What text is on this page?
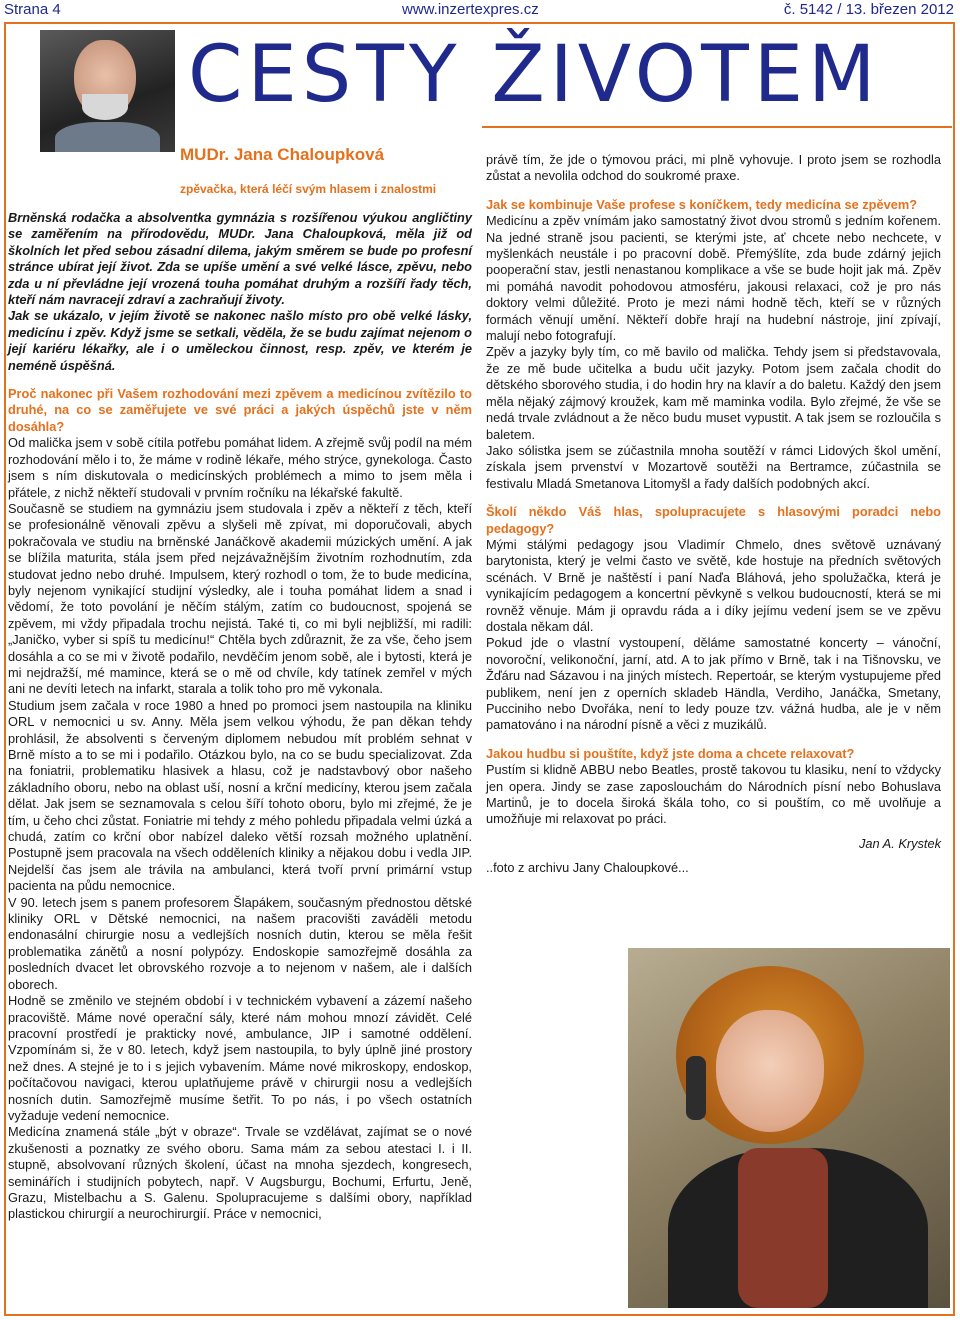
Strana 4	www.inzertexpres.cz	č. 5142 / 13. březen 2012
CESTY ŽIVOTEM
MUDr. Jana Chaloupková
zpěvačka, která léčí svým hlasem i znalostmi

Brněnská rodačka a absolventka gymnázia s rozšířenou výukou angličtiny se zaměřením na přírodovědu, MUDr. Jana Chaloupková, měla již od školních let před sebou zásadní dilema, jakým směrem se bude po profesní stránce ubírat její život. Zda se upíše umění a své velké lásce, zpěvu, nebo zda u ní převládne její vrozená touha pomáhat druhým a rozšíří řady těch, kteří nám navracejí zdraví a zachraňují životy.

Jak se ukázalo, v jejím životě se nakonec našlo místo pro obě velké lásky, medicínu i zpěv. Když jsme se setkali, věděla, že se budu zajímat nejenom o její kariéru lékařky, ale i o uměleckou činnost, resp. zpěv, ve kterém je neméně úspěšná.

Proč nakonec při Vašem rozhodování mezi zpěvem a medicínou zvítězilo to druhé, na co se zaměřujete ve své práci a jakých úspěchů jste v něm dosáhla?

Od malička jsem v sobě cítila potřebu pomáhat lidem. A zřejmě svůj podíl na mém rozhodování mělo i to, že máme v rodině lékaře, mého strýce, gynekologa. Často jsem s ním diskutovala o medicínských problémech a mimo to jsem měla i přátele, z nichž někteří studovali v prvním ročníku na lékařské fakultě.

Současně se studiem na gymnáziu jsem studovala i zpěv a někteří z těch, kteří se profesionálně věnovali zpěvu a slyšeli mě zpívat, mi doporučovali, abych pokračovala ve studiu na brněnské Janáčkově akademii múzických umění. A jak se blížila maturita, stála jsem před nejzávažnějším životním rozhodnutím, zda studovat jedno nebo druhé. Impulsem, který rozhodl o tom, že to bude medicína, byly nejenom vynikající studijní výsledky, ale i touha pomáhat lidem a snad i vědomí, že toto povolání je něčím stálým, zatím co budoucnost, spojená se zpěvem, mi vždy připadala trochu nejistá. Také ti, co mi byli nejbližší, mi radili: „Janičko, vyber si spíš tu medicínu!“ Chtěla bych zdůraznit, že za vše, čeho jsem dosáhla a co se mi v životě podařilo, nevděčím jenom sobě, ale i bytosti, která je mi nejdražší, mé mamince, která se o mě od chvíle, kdy tatínek zemřel v mých ani ne devíti letech na infarkt, starala a tolik toho pro mě vykonala.

Studium jsem začala v roce 1980 a hned po promoci jsem nastoupila na kliniku ORL v nemocnici u sv. Anny. Měla jsem velkou výhodu, že pan děkan tehdy prohlásil, že absolventi s červeným diplomem nebudou mít problém sehnat v Brně místo a to se mi i podařilo. Otázkou bylo, na co se budu specializovat. Zda na foniatrii, problematiku hlasivek a hlasu, což je nadstavbový obor našeho základního oboru, nebo na oblast uší, nosní a krční medicíny, kterou jsem začala dělat. Jak jsem se seznamovala s celou šíří tohoto oboru, bylo mi zřejmé, že je tím, u čeho chci zůstat. Foniatrie mi tehdy z mého pohledu připadala velmi úzká a chudá, zatím co krční obor nabízel daleko větší rozsah možného uplatnění. Postupně jsem pracovala na všech odděleních kliniky a nějakou dobu i vedla JIP. Nejdelší čas jsem ale trávila na ambulanci, která tvoří první primární vstup pacienta na půdu nemocnice.

V 90. letech jsem s panem profesorem Šlapákem, současným přednostou dětské kliniky ORL v Dětské nemocnici, na našem pracovišti zaváděli metodu endonasální chirurgie nosu a vedlejších nosních dutin, kterou se měla řešit problematika zánětů a nosní polypózy. Endoskopie samozřejmě dosáhla za posledních dvacet let obrovského rozvoje a to nejenom v našem, ale i dalších oborech.

Hodně se změnilo ve stejném období i v technickém vybavení a zázemí našeho pracoviště. Máme nové operační sály, které nám mohou mnozí závidět. Celé pracovní prostředí je prakticky nové, ambulance, JIP i samotné oddělení. Vzpomínám si, že v 80. letech, když jsem nastoupila, to byly úplně jiné prostory než dnes. A stejné je to i s jejich vybavením. Máme nové mikroskopy, endoskop, počítačovou navigaci, kterou uplatňujeme právě v chirurgii nosu a vedlejších nosních dutin. Samozřejmě musíme šetřit. To po nás, i po všech ostatních vyžaduje vedení nemocnice.

Medicína znamená stále „být v obraze“. Trvale se vzdělávat, zajímat se o nové zkušenosti a poznatky ze svého oboru. Sama mám za sebou atestaci I. i II. stupně, absolvovaní různých školení, účast na mnoha sjezdech, kongresech, seminářích i studijních pobytech, např. V Augsburgu, Bochumi, Erfurtu, Jeně, Grazu, Mistelbachu a S. Galenu. Spolupracujeme s dalšími obory, například plastickou chirurgií a neurochirurgií. Práce v nemocnici,

právě tím, že jde o týmovou práci, mi plně vyhovuje. I proto jsem se rozhodla zůstat a nevolila odchod do soukromé praxe.

Jak se kombinuje Vaše profese s koníčkem, tedy medicína se zpěvem?

Medicínu a zpěv vnímám jako samostatný život dvou stromů s jedním kořenem. Na jedné straně jsou pacienti, se kterými jste, ať chcete nebo nechcete, v myšlenkách neustále i po pracovní době. Přemýšlíte, zda bude zdárný jejich pooperační stav, jestli nenastanou komplikace a vše se bude hojit jak má. Zpěv mi pomáhá navodit pohodovou atmosféru, jakousi relaxaci, což je pro nás doktory velmi důležité. Proto je mezi námi hodně těch, kteří se v různých formách věnují umění. Někteří dobře hrají na hudební nástroje, jiní zpívají, malují nebo fotografují.

Zpěv a jazyky byly tím, co mě bavilo od malička. Tehdy jsem si představovala, že ze mě bude učitelka a budu učit jazyky. Potom jsem začala chodit do dětského sborového studia, i do hodin hry na klavír a do baletu. Každý den jsem měla nějaký zájmový kroužek, kam mě maminka vodila. Bylo zřejmé, že vše se nedá trvale zvládnout a že něco budu muset vypustit. A tak jsem se rozloučila s baletem.

Jako sólistka jsem se zúčastnila mnoha soutěží v rámci Lidových škol umění, získala jsem prvenství v Mozartově soutěži na Bertramce, zúčastnila se festivalu Mladá Smetanova Litomyšl a řady dalších podobných akcí.

Školí někdo Váš hlas, spolupracujete s hlasovými poradci nebo pedagogy?

Mými stálými pedagogy jsou Vladimír Chmelo, dnes světově uznávaný barytonista, který je velmi často ve světě, kde hostuje na předních světových scénách. V Brně je naštěstí i paní Naďa Bláhová, jeho spolužačka, která je vynikajícím pedagogem a koncertní pěvkyně s velkou budoucností, která se mi rovněž věnuje. Mám ji opravdu ráda a i díky jejímu vedení jsem se ve zpěvu dostala někam dál.

Pokud jde o vlastní vystoupení, děláme samostatné koncerty – vánoční, novoroční, velikonoční, jarní, atd. A to jak přímo v Brně, tak i na Tišnovsku, ve Žďáru nad Sázavou i na jiných místech. Repertoár, se kterým vystupujeme před publikem, není jen z operních skladeb Händla, Verdiho, Janáčka, Smetany, Pucciniho nebo Dvořáka, není to ledy pouze tzv. vážná hudba, ale je v něm pamatováno i na národní písně a věci z muzikálů.

Jakou hudbu si pouštíte, když jste doma a chcete relaxovat?

Pustím si klidně ABBU nebo Beatles, prostě takovou tu klasiku, není to vždycky jen opera. Jindy se zase zaposlouchám do Národních písní nebo Bohuslava Martinů, je to docela široká škála toho, co si pouštím, co mě uvolňuje a umožňuje mi relaxovat po práci.

Jan A. Krystek

..foto z archivu Jany Chaloupkové...
